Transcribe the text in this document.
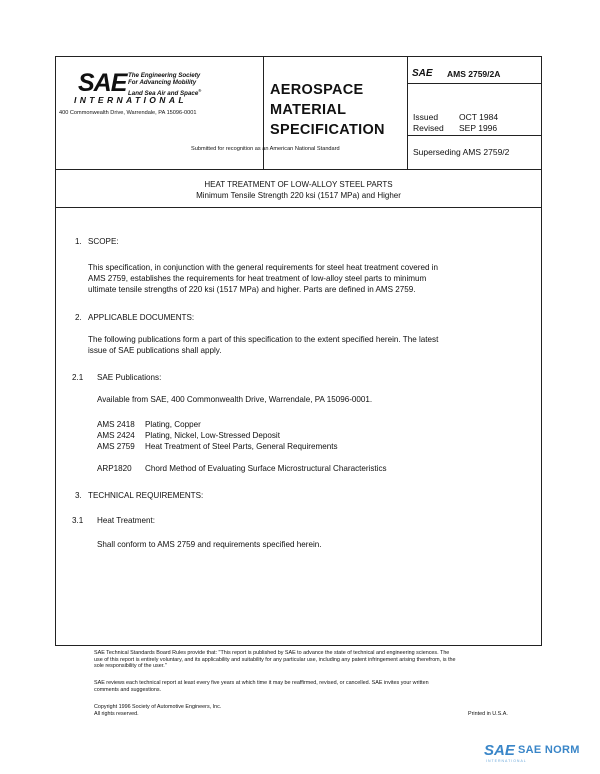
SAE The Engineering Society
For Advancing Mobility
Land Sea Air and Space®
INTERNATIONAL
400 Commonwealth Drive, Warrendale, PA 15096-0001
AEROSPACE
MATERIAL
SPECIFICATION
Submitted for recognition as an American National Standard
SAE AMS 2759/2A
Issued
Revised
OCT 1984
SEP 1996
Superseding AMS 2759/2
HEAT TREATMENT OF LOW-ALLOY STEEL PARTS
Minimum Tensile Strength 220 ksi (1517 MPa) and Higher
1. SCOPE:
This specification, in conjunction with the general requirements for steel heat treatment covered in
AMS 2759, establishes the requirements for heat treatment of low-alloy steel parts to minimum
ultimate tensile strengths of 220 ksi (1517 MPa) and higher. Parts are defined in AMS 2759.
2. APPLICABLE DOCUMENTS:
The following publications form a part of this specification to the extent specified herein. The latest
issue of SAE publications shall apply.
2.1 SAE Publications:
Available from SAE, 400 Commonwealth Drive, Warrendale, PA 15096-0001.
AMS 2418 Plating, Copper
AMS 2424 Plating, Nickel, Low-Stressed Deposit
AMS 2759 Heat Treatment of Steel Parts, General Requirements
ARP1820 Chord Method of Evaluating Surface Microstructural Characteristics
3. TECHNICAL REQUIREMENTS:
3.1 Heat Treatment:
Shall conform to AMS 2759 and requirements specified herein.
SAE Technical Standards Board Rules provide that: "This report is published by SAE to advance the state of technical and engineering sciences. The
use of this report is entirely voluntary, and its applicability and suitability for any particular use, including any patent infringement arising therefrom, is the
sole responsibility of the user."
SAE reviews each technical report at least every five years at which time it may be reaffirmed, revised, or cancelled. SAE invites your written
comments and suggestions.
Copyright 1996 Society of Automotive Engineers, Inc.
All rights reserved.	Printed in U.S.A.
SAE SAE NORM
INTERNATIONAL
